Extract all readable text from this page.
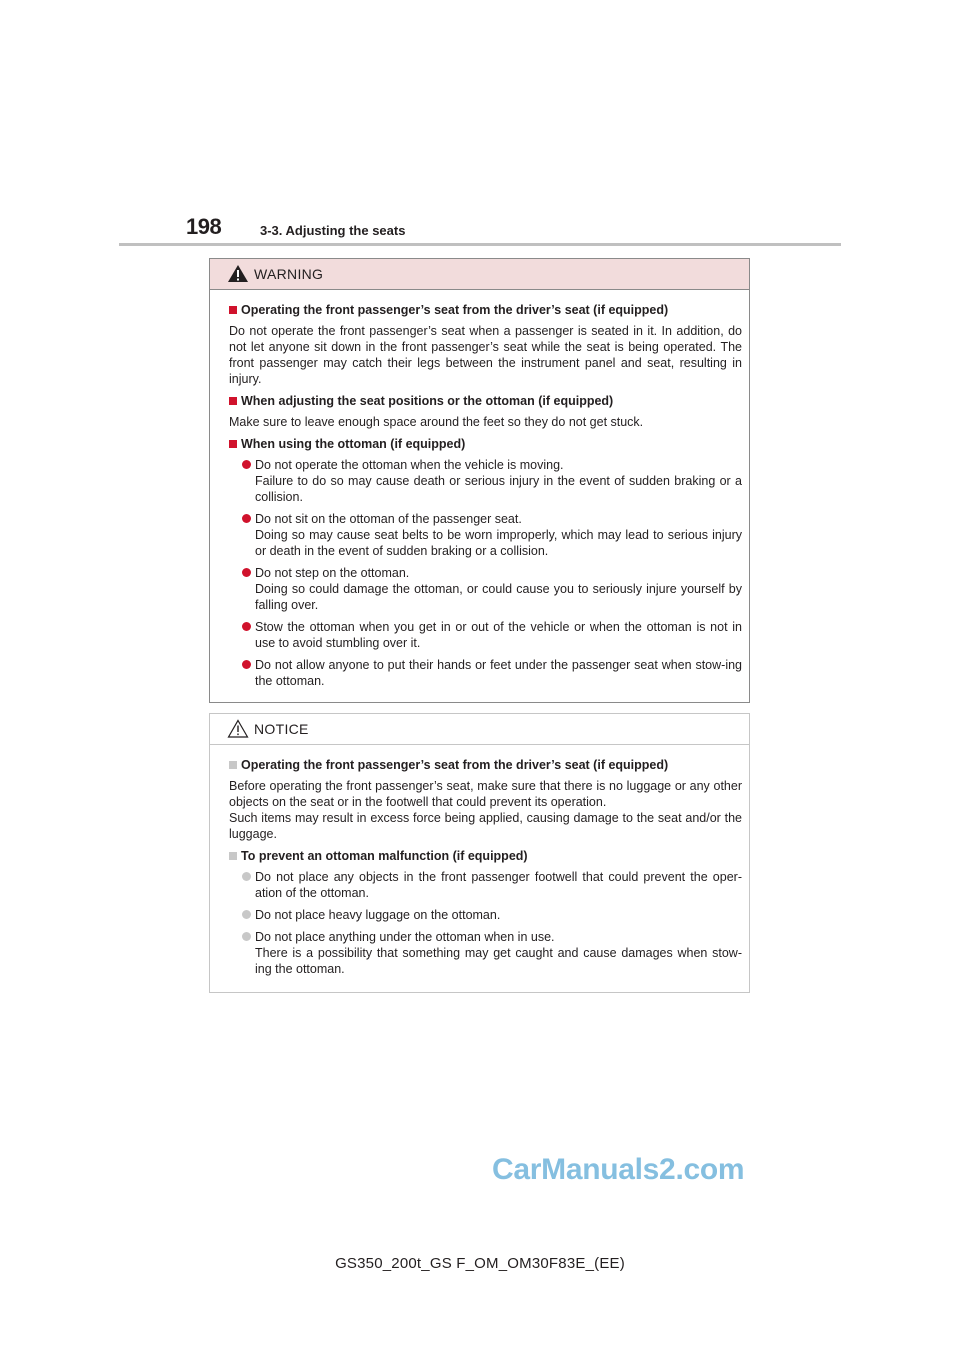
198	3-3. Adjusting the seats
WARNING
Operating the front passenger’s seat from the driver’s seat (if equipped)

Do not operate the front passenger’s seat when a passenger is seated in it. In addition, do not let anyone sit down in the front passenger’s seat while the seat is being operated. The front passenger may catch their legs between the instrument panel and seat, resulting in injury.

When adjusting the seat positions or the ottoman (if equipped)

Make sure to leave enough space around the feet so they do not get stuck.

When using the ottoman (if equipped)
Do not operate the ottoman when the vehicle is moving.
Failure to do so may cause death or serious injury in the event of sudden braking or a collision.
Do not sit on the ottoman of the passenger seat.
Doing so may cause seat belts to be worn improperly, which may lead to serious injury or death in the event of sudden braking or a collision.
Do not step on the ottoman.
Doing so could damage the ottoman, or could cause you to seriously injure yourself by falling over.
Stow the ottoman when you get in or out of the vehicle or when the ottoman is not in use to avoid stumbling over it.
Do not allow anyone to put their hands or feet under the passenger seat when stow-ing the ottoman.
NOTICE
Operating the front passenger’s seat from the driver’s seat (if equipped)

Before operating the front passenger’s seat, make sure that there is no luggage or any other objects on the seat or in the footwell that could prevent its operation.
Such items may result in excess force being applied, causing damage to the seat and/or the luggage.

To prevent an ottoman malfunction (if equipped)
Do not place any objects in the front passenger footwell that could prevent the oper-ation of the ottoman.
Do not place heavy luggage on the ottoman.
Do not place anything under the ottoman when in use.
There is a possibility that something may get caught and cause damages when stow-ing the ottoman.
CarManuals2.com
GS350_200t_GS F_OM_OM30F83E_(EE)
